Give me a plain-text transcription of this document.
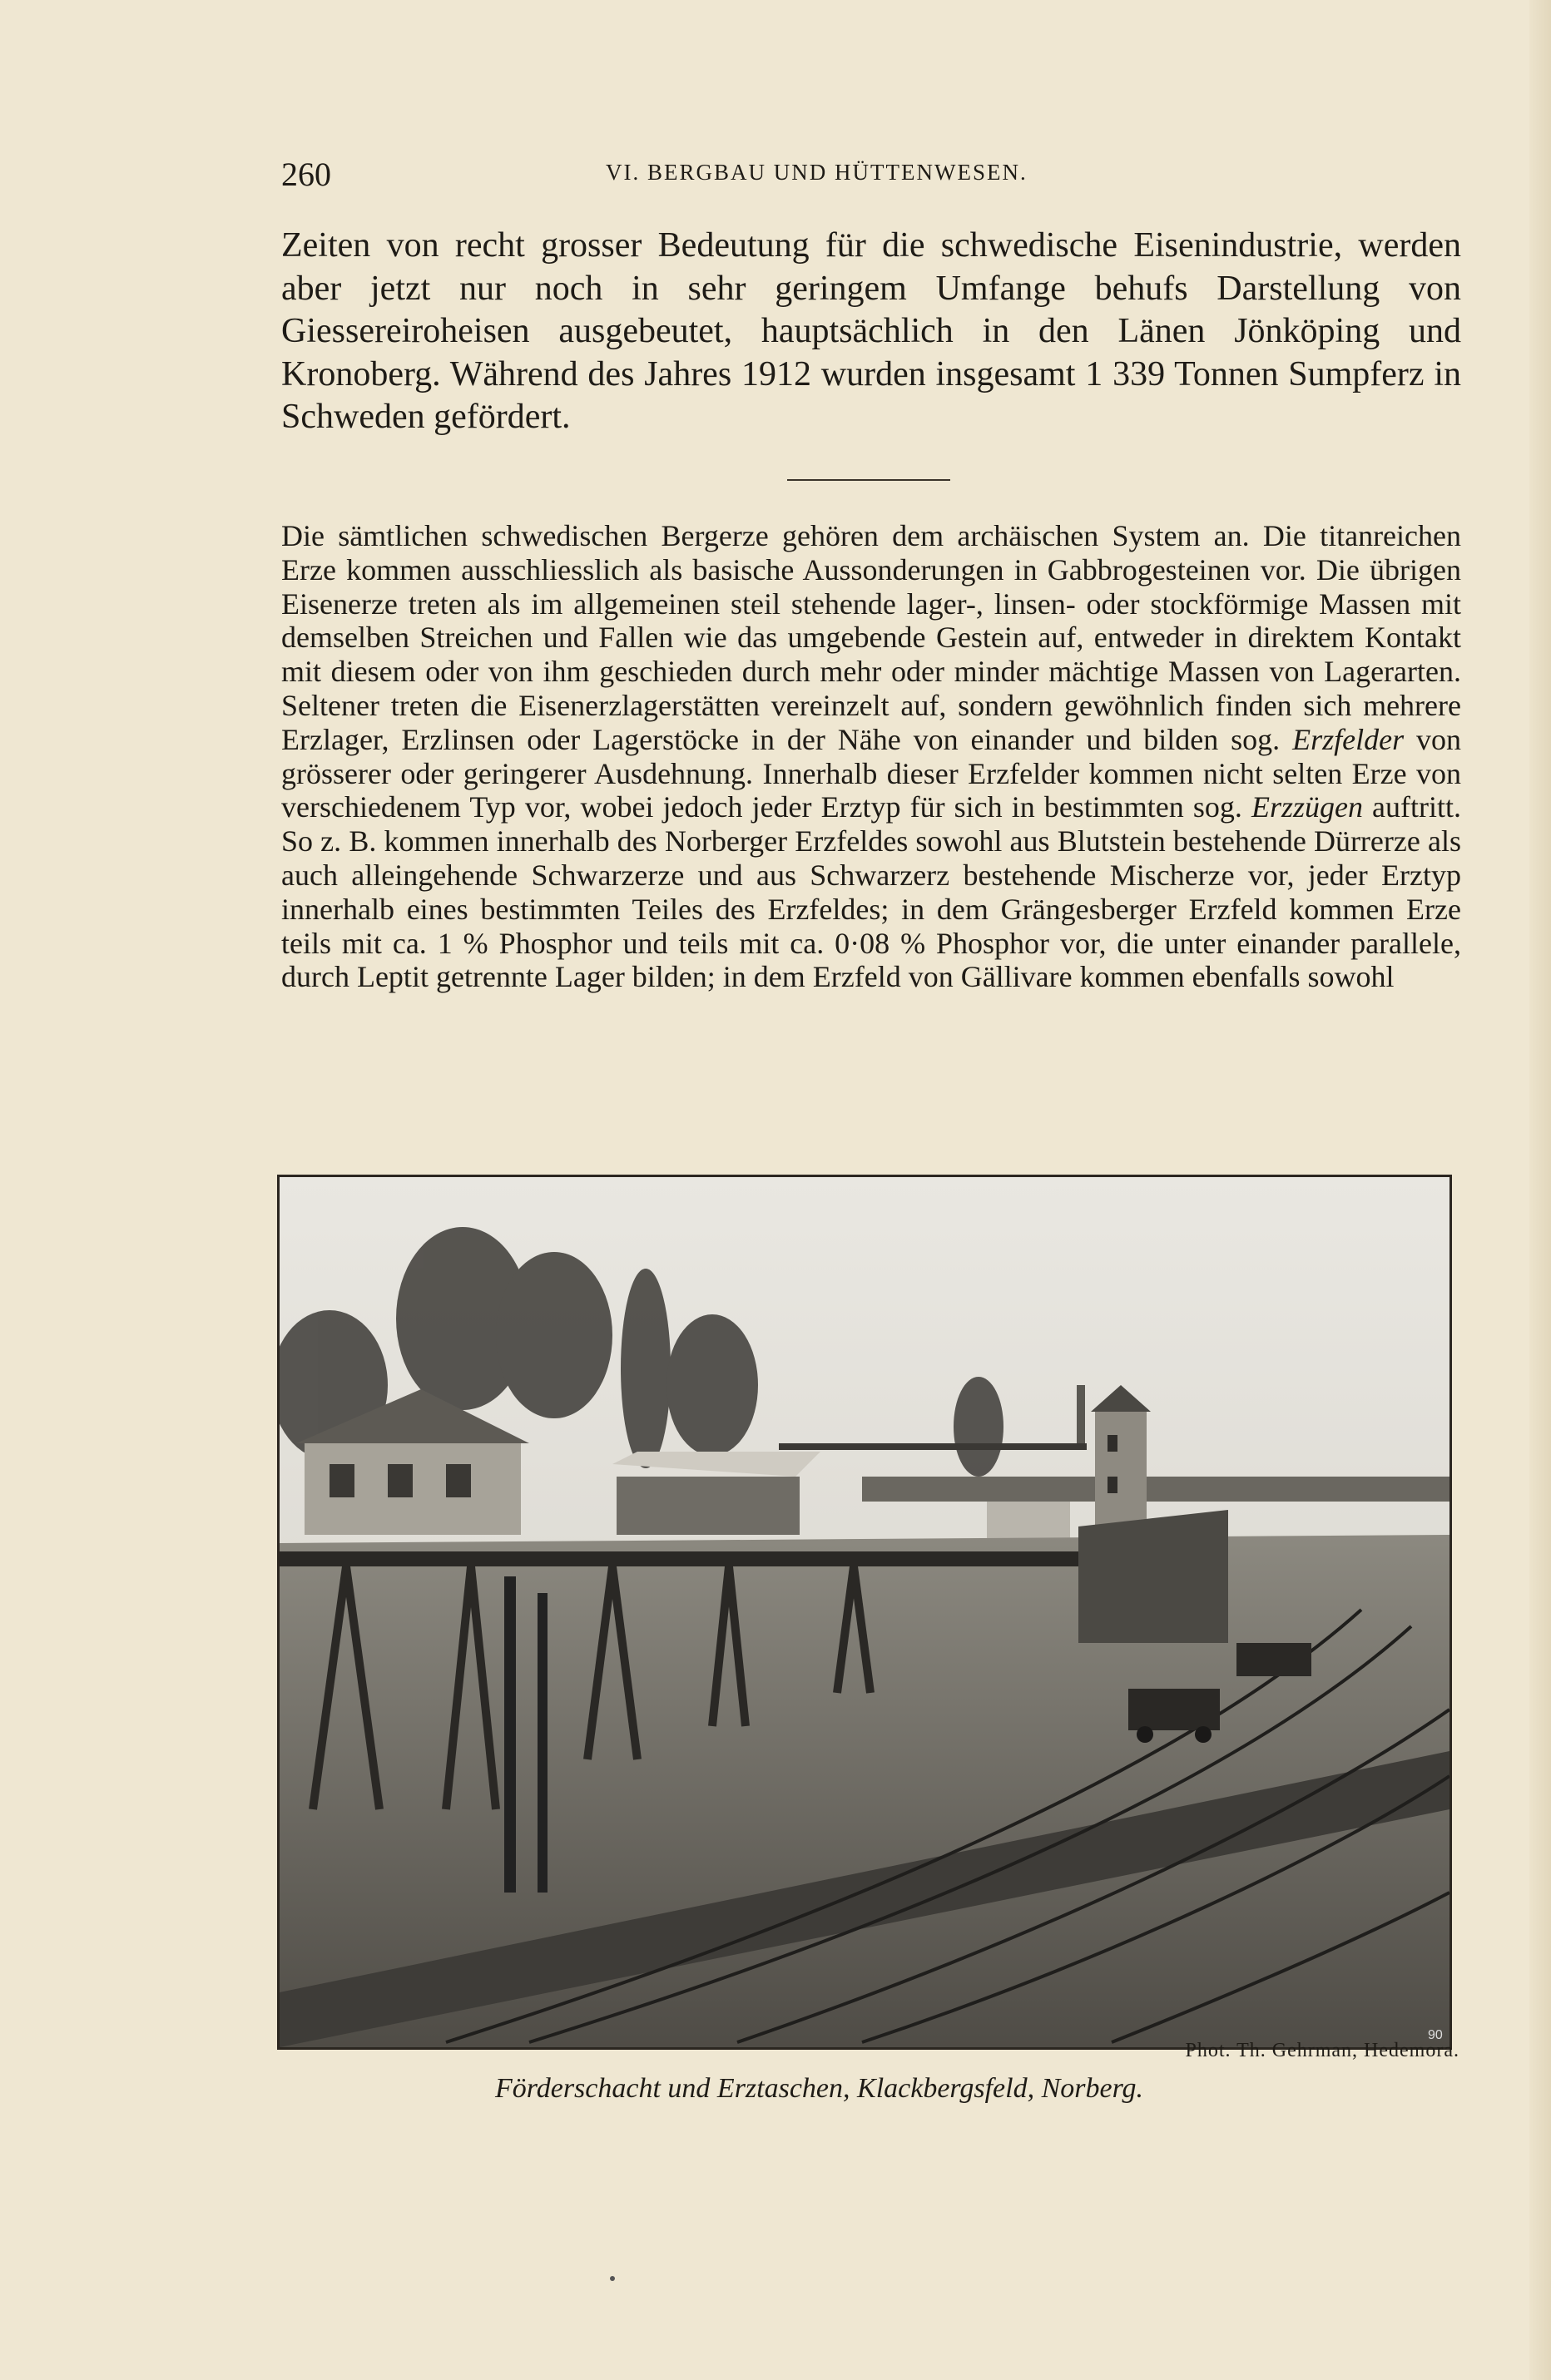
260	VI. BERGBAU UND HÜTTENWESEN.

Zeiten von recht grosser Bedeutung für die schwedische Eisenindustrie, werden aber jetzt nur noch in sehr geringem Umfange behufs Darstellung von Giessereiroheisen ausgebeutet, hauptsächlich in den Länen Jönköping und Kronoberg. Während des Jahres 1912 wurden insgesamt 1 339 Tonnen Sumpferz in Schweden gefördert.

Die sämtlichen schwedischen Bergerze gehören dem archäischen System an. Die titanreichen Erze kommen ausschliesslich als basische Aussonderungen in Gabbrogesteinen vor. Die übrigen Eisenerze treten als im allgemeinen steil stehende lager-, linsen- oder stockförmige Massen mit demselben Streichen und Fallen wie das umgebende Gestein auf, entweder in direktem Kontakt mit diesem oder von ihm geschieden durch mehr oder minder mächtige Massen von Lagerarten. Seltener treten die Eisenerzlagerstätten vereinzelt auf, sondern gewöhnlich finden sich mehrere Erzlager, Erzlinsen oder Lagerstöcke in der Nähe von einander und bilden sog. Erzfelder von grösserer oder geringerer Ausdehnung. Innerhalb dieser Erzfelder kommen nicht selten Erze von verschiedenem Typ vor, wobei jedoch jeder Erztyp für sich in bestimmten sog. Erzzügen auftritt. So z. B. kommen innerhalb des Norberger Erzfeldes sowohl aus Blutstein bestehende Dürrerze als auch alleingehende Schwarzerze und aus Schwarzerz bestehende Mischerze vor, jeder Erztyp innerhalb eines bestimmten Teiles des Erzfeldes; in dem Grängesberger Erzfeld kommen Erze teils mit ca. 1 % Phosphor und teils mit ca. 0·08 % Phosphor vor, die unter einander parallele, durch Leptit getrennte Lager bilden; in dem Erzfeld von Gällivare kommen ebenfalls sowohl

90
Phot. Th. Gehrman, Hedemora.
Förderschacht und Erztaschen, Klackbergsfeld, Norberg.
